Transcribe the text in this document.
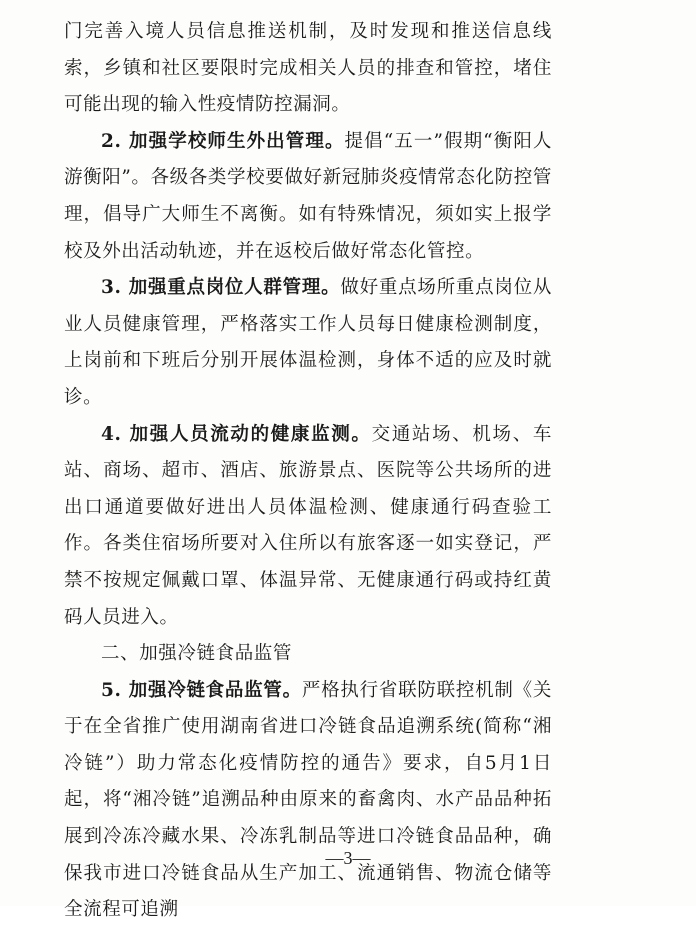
门完善入境人员信息推送机制，及时发现和推送信息线索，乡镇和社区要限时完成相关人员的排查和管控，堵住可能出现的输入性疫情防控漏洞。

2. 加强学校师生外出管理。提倡“五一”假期“衡阳人游衡阳”。各级各类学校要做好新冠肺炎疫情常态化防控管理，倡导广大师生不离衡。如有特殊情况，须如实上报学校及外出活动轨迹，并在返校后做好常态化管控。

3. 加强重点岗位人群管理。做好重点场所重点岗位从业人员健康管理，严格落实工作人员每日健康检测制度，上岗前和下班后分别开展体温检测，身体不适的应及时就诊。

4. 加强人员流动的健康监测。交通站场、机场、车站、商场、超市、酒店、旅游景点、医院等公共场所的进出口通道要做好进出人员体温检测、健康通行码查验工作。各类住宿场所要对入住所以有旅客逐一如实登记，严禁不按规定佩戴口罩、体温异常、无健康通行码或持红黄码人员进入。

二、加强冷链食品监管

5. 加强冷链食品监管。严格执行省联防联控机制《关于在全省推广使用湖南省进口冷链食品追溯系统(简称“湘冷链”）助力常态化疫情防控的通告》要求，自5月1日起，将“湘冷链”追溯品种由原来的畜禽肉、水产品品种拓展到冷冻冷藏水果、冷冻乳制品等进口冷链食品品种，确保我市进口冷链食品从生产加工、流通销售、物流仓储等全流程可追溯

—3—
